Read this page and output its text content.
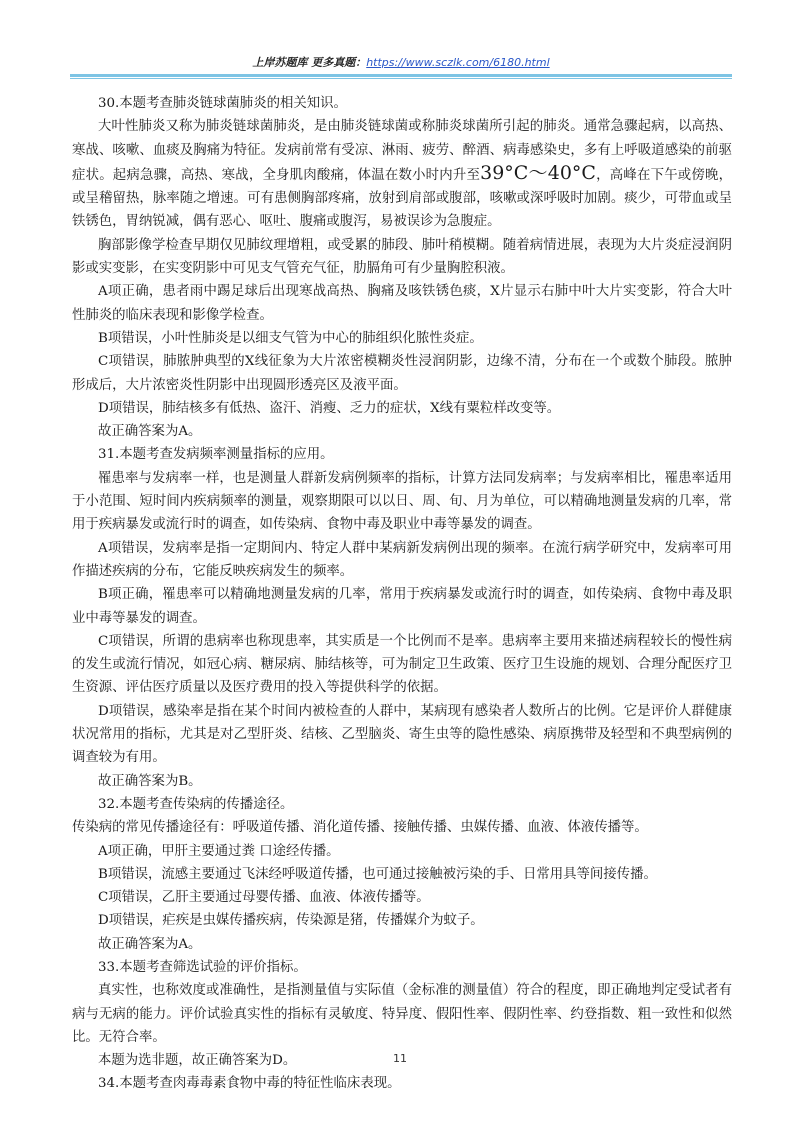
上岸苏题库 更多真题：https://www.sczlk.com/6180.html

30.本题考查肺炎链球菌肺炎的相关知识。

大叶性肺炎又称为肺炎链球菌肺炎，是由肺炎链球菌或称肺炎球菌所引起的肺炎。通常急骤起病，以高热、寒战、咳嗽、血痰及胸痛为特征。发病前常有受凉、淋雨、疲劳、醉酒、病毒感染史，多有上呼吸道感染的前驱症状。起病急骤，高热、寒战，全身肌肉酸痛，体温在数小时内升至39°C～40°C，高峰在下午或傍晚，或呈稽留热，脉率随之增速。可有患侧胸部疼痛，放射到肩部或腹部，咳嗽或深呼吸时加剧。痰少，可带血或呈铁锈色，胃纳锐减，偶有恶心、呕吐、腹痛或腹泻，易被误诊为急腹症。

胸部影像学检查早期仅见肺纹理增粗，或受累的肺段、肺叶稍模糊。随着病情进展，表现为大片炎症浸润阴影或实变影，在实变阴影中可见支气管充气征，肋膈角可有少量胸腔积液。

A项正确，患者雨中踢足球后出现寒战高热、胸痛及咳铁锈色痰，X片显示右肺中叶大片实变影，符合大叶性肺炎的临床表现和影像学检查。

B项错误，小叶性肺炎是以细支气管为中心的肺组织化脓性炎症。

C项错误，肺脓肿典型的X线征象为大片浓密模糊炎性浸润阴影，边缘不清，分布在一个或数个肺段。脓肿形成后，大片浓密炎性阴影中出现圆形透亮区及液平面。

D项错误，肺结核多有低热、盗汗、消瘦、乏力的症状，X线有粟粒样改变等。

故正确答案为A。

31.本题考查发病频率测量指标的应用。

罹患率与发病率一样，也是测量人群新发病例频率的指标，计算方法同发病率；与发病率相比，罹患率适用于小范围、短时间内疾病频率的测量，观察期限可以以日、周、旬、月为单位，可以精确地测量发病的几率，常用于疾病暴发或流行时的调查，如传染病、食物中毒及职业中毒等暴发的调查。

A项错误，发病率是指一定期间内、特定人群中某病新发病例出现的频率。在流行病学研究中，发病率可用作描述疾病的分布，它能反映疾病发生的频率。

B项正确，罹患率可以精确地测量发病的几率，常用于疾病暴发或流行时的调查，如传染病、食物中毒及职业中毒等暴发的调查。

C项错误，所谓的患病率也称现患率，其实质是一个比例而不是率。患病率主要用来描述病程较长的慢性病的发生或流行情况，如冠心病、糖尿病、肺结核等，可为制定卫生政策、医疗卫生设施的规划、合理分配医疗卫生资源、评估医疗质量以及医疗费用的投入等提供科学的依据。

D项错误，感染率是指在某个时间内被检查的人群中，某病现有感染者人数所占的比例。它是评价人群健康状况常用的指标，尤其是对乙型肝炎、结核、乙型脑炎、寄生虫等的隐性感染、病原携带及轻型和不典型病例的调查较为有用。

故正确答案为B。

32.本题考查传染病的传播途径。

传染病的常见传播途径有：呼吸道传播、消化道传播、接触传播、虫媒传播、血液、体液传播等。

A项正确，甲肝主要通过粪 口途经传播。

B项错误，流感主要通过飞沫经呼吸道传播，也可通过接触被污染的手、日常用具等间接传播。

C项错误，乙肝主要通过母婴传播、血液、体液传播等。

D项错误，疟疾是虫媒传播疾病，传染源是猪，传播媒介为蚊子。

故正确答案为A。

33.本题考查筛选试验的评价指标。

真实性，也称效度或准确性，是指测量值与实际值（金标准的测量值）符合的程度，即正确地判定受试者有病与无病的能力。评价试验真实性的指标有灵敏度、特异度、假阳性率、假阴性率、约登指数、粗一致性和似然比。无符合率。

本题为选非题，故正确答案为D。

34.本题考查肉毒毒素食物中毒的特征性临床表现。

11
